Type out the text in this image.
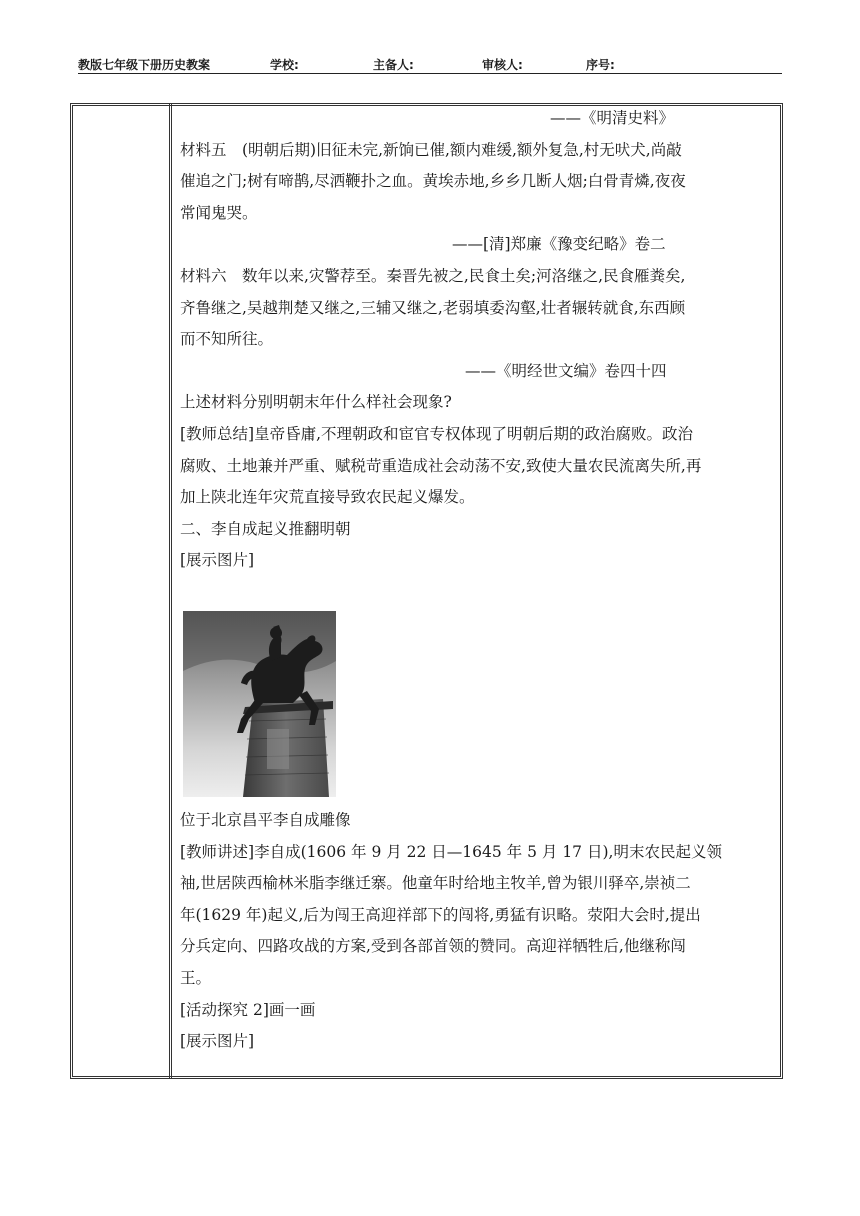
教版七年级下册历史教案	学校:	主备人:	审核人:	序号:

——《明清史料》

材料五　(明朝后期)旧征未完,新饷已催,额内难缓,额外复急,村无吠犬,尚敲

催追之门;树有啼鹊,尽洒鞭扑之血。黄埃赤地,乡乡几断人烟;白骨青燐,夜夜

常闻鬼哭。

——[清]郑廉《豫变纪略》卷二

材料六　数年以来,灾警荐至。秦晋先被之,民食土矣;河洛继之,民食雁粪矣,

齐鲁继之,吴越荆楚又继之,三辅又继之,老弱填委沟壑,壮者辗转就食,东西顾

而不知所往。

——《明经世文编》卷四十四

上述材料分别明朝末年什么样社会现象?

[教师总结]皇帝昏庸,不理朝政和宦官专权体现了明朝后期的政治腐败。政治

腐败、土地兼并严重、赋税苛重造成社会动荡不安,致使大量农民流离失所,再

加上陕北连年灾荒直接导致农民起义爆发。

二、李自成起义推翻明朝

[展示图片]

位于北京昌平李自成雕像

[教师讲述]李自成(1606 年 9 月 22 日—1645 年 5 月 17 日),明末农民起义领

袖,世居陕西榆林米脂李继迁寨。他童年时给地主牧羊,曾为银川驿卒,崇祯二

年(1629 年)起义,后为闯王高迎祥部下的闯将,勇猛有识略。荥阳大会时,提出

分兵定向、四路攻战的方案,受到各部首领的赞同。高迎祥牺牲后,他继称闯

王。

[活动探究 2]画一画

[展示图片]
